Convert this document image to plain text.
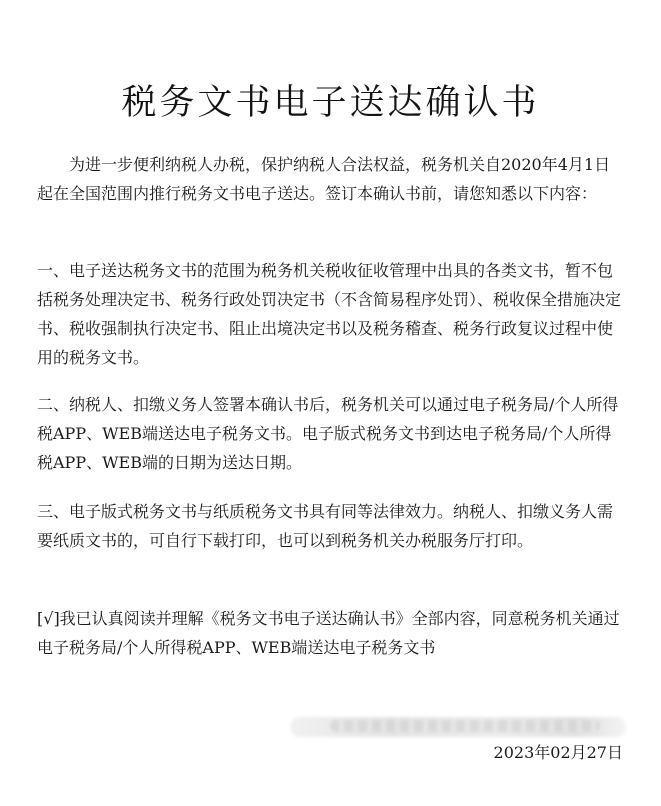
税务文书电子送达确认书

为进一步便利纳税人办税，保护纳税人合法权益，税务机关自2020年4月1日起在全国范围内推行税务文书电子送达。签订本确认书前，请您知悉以下内容：

一、电子送达税务文书的范围为税务机关税收征收管理中出具的各类文书，暂不包括税务处理决定书、税务行政处罚决定书（不含简易程序处罚）、税收保全措施决定书、税收强制执行决定书、阻止出境决定书以及税务稽查、税务行政复议过程中使用的税务文书。

二、纳税人、扣缴义务人签署本确认书后，税务机关可以通过电子税务局/个人所得税APP、WEB端送达电子税务文书。电子版式税务文书到达电子税务局/个人所得税APP、WEB端的日期为送达日期。

三、电子版式税务文书与纸质税务文书具有同等法律效力。纳税人、扣缴义务人需要纸质文书的，可自行下载打印，也可以到税务机关办税服务厅打印。

[√]我已认真阅读并理解《税务文书电子送达确认书》全部内容，同意税务机关通过电子税务局/个人所得税APP、WEB端送达电子税务文书

2023年02月27日
